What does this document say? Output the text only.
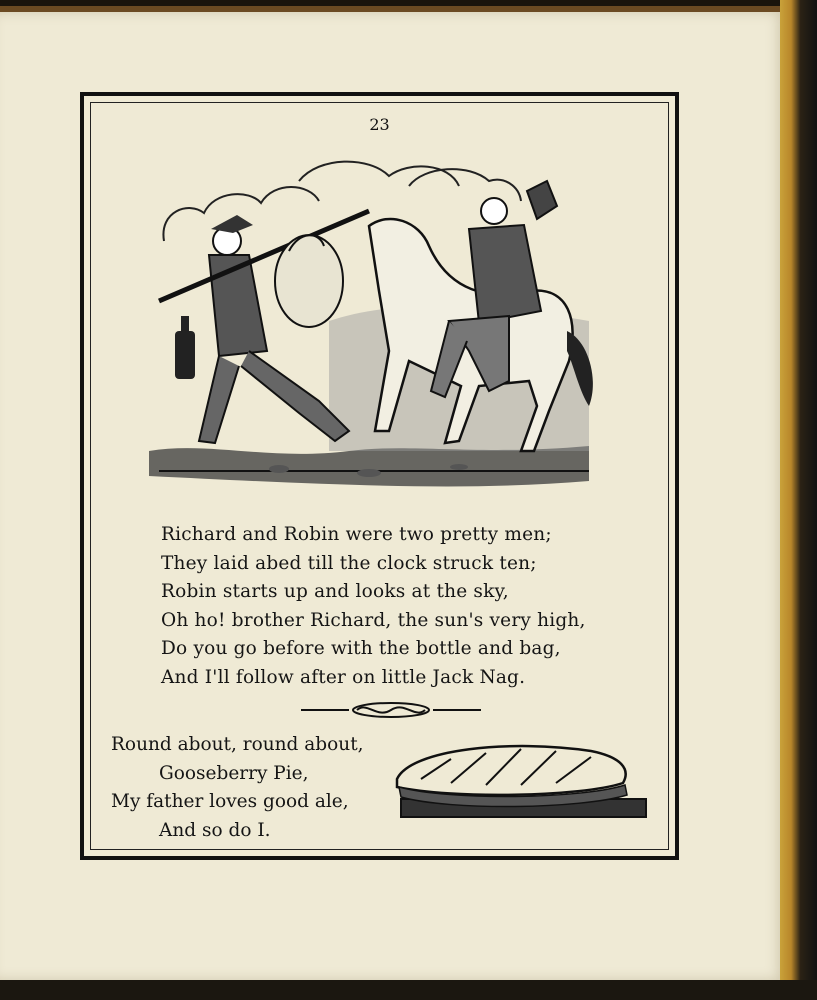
23
Richard and Robin were two pretty men;
They laid abed till the clock struck ten;
Robin starts up and looks at the sky,
Oh ho! brother Richard, the sun's very high,
Do you go before with the bottle and bag,
And I'll follow after on little Jack Nag.
Round about, round about,
Gooseberry Pie,
My father loves good ale,
And so do I.
